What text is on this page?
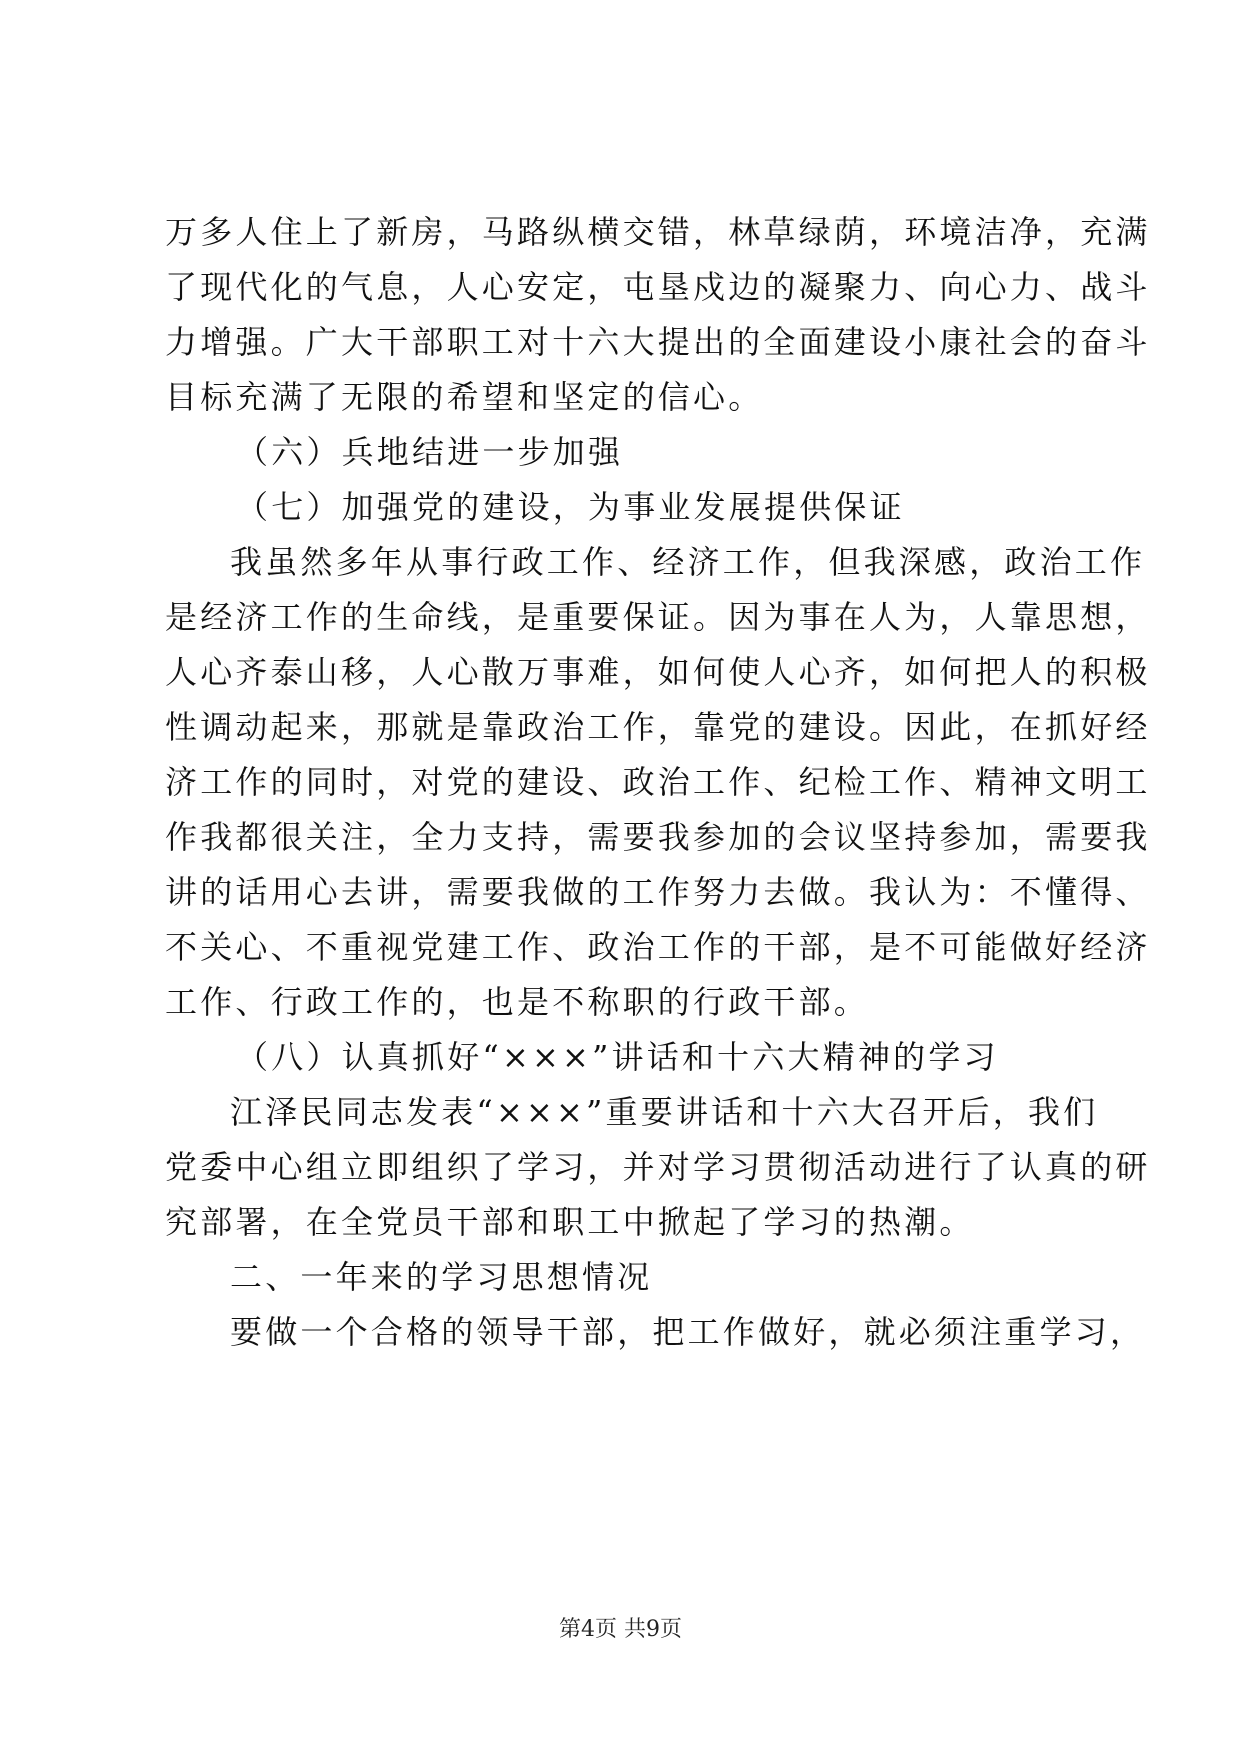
万多人住上了新房，马路纵横交错，林草绿荫，环境洁净，充满
了现代化的气息，人心安定，屯垦戍边的凝聚力、向心力、战斗
力增强。广大干部职工对十六大提出的全面建设小康社会的奋斗
目标充满了无限的希望和坚定的信心。
（六）兵地结进一步加强
（七）加强党的建设，为事业发展提供保证
我虽然多年从事行政工作、经济工作，但我深感，政治工作
是经济工作的生命线，是重要保证。因为事在人为，人靠思想，
人心齐泰山移，人心散万事难，如何使人心齐，如何把人的积极
性调动起来，那就是靠政治工作，靠党的建设。因此，在抓好经
济工作的同时，对党的建设、政治工作、纪检工作、精神文明工
作我都很关注，全力支持，需要我参加的会议坚持参加，需要我
讲的话用心去讲，需要我做的工作努力去做。我认为：不懂得、
不关心、不重视党建工作、政治工作的干部，是不可能做好经济
工作、行政工作的，也是不称职的行政干部。
（八）认真抓好“×××”讲话和十六大精神的学习
江泽民同志发表“×××”重要讲话和十六大召开后，我们
党委中心组立即组织了学习，并对学习贯彻活动进行了认真的研
究部署，在全党员干部和职工中掀起了学习的热潮。
二、一年来的学习思想情况
要做一个合格的领导干部，把工作做好，就必须注重学习，
第4页 共9页
